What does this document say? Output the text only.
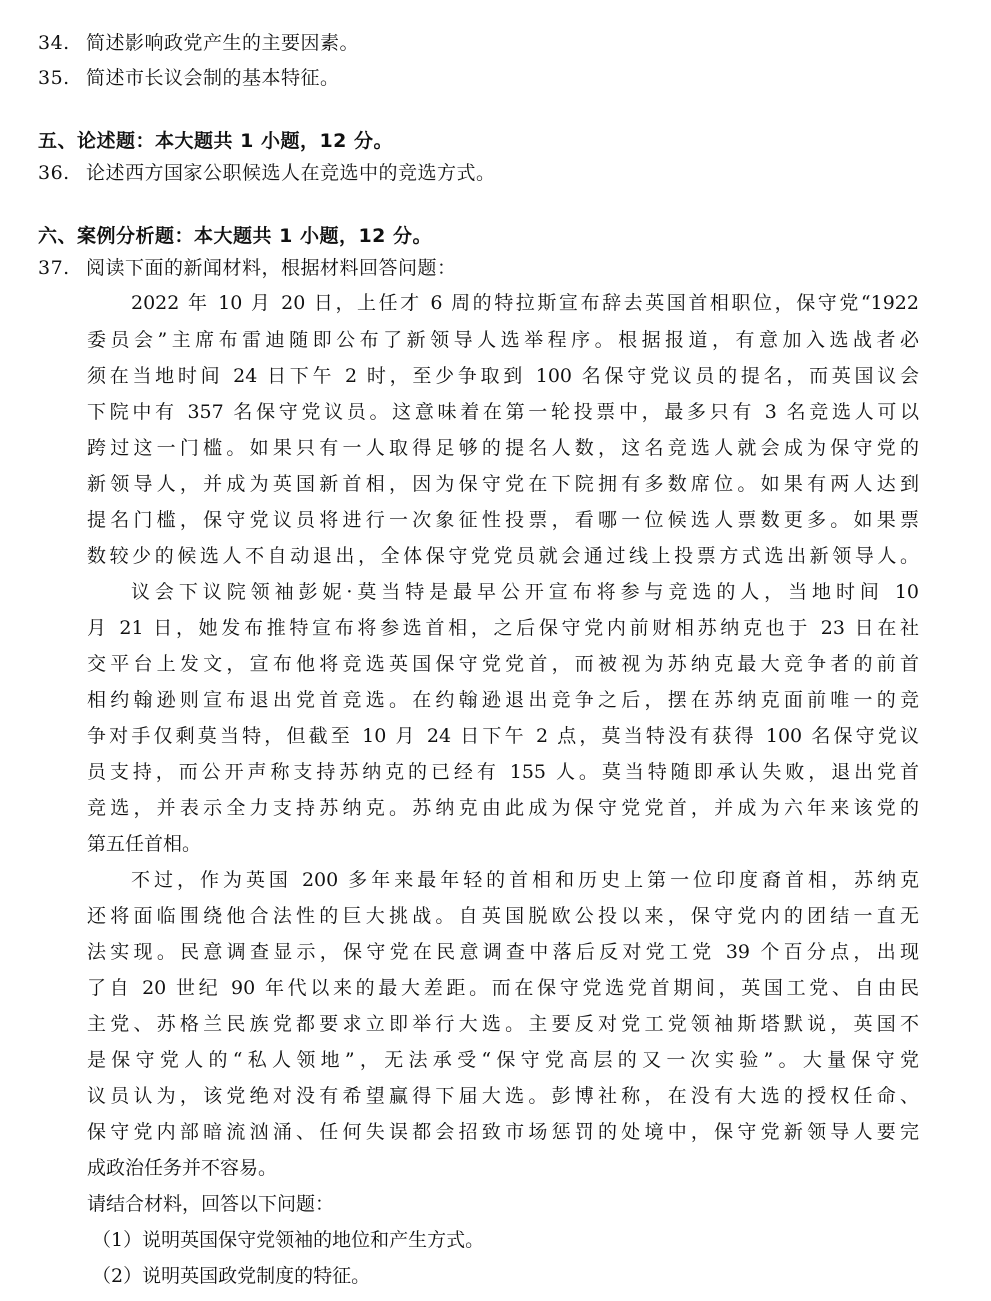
34. 简述影响政党产生的主要因素。
35. 简述市长议会制的基本特征。
五、论述题：本大题共 1 小题，12 分。
36. 论述西方国家公职候选人在竞选中的竞选方式。
六、案例分析题：本大题共 1 小题，12 分。
37. 阅读下面的新闻材料，根据材料回答问题：
2022 年 10 月 20 日，上任才 6 周的特拉斯宣布辞去英国首相职位，保守党“1922
委员会”主席布雷迪随即公布了新领导人选举程序。根据报道，有意加入选战者必
须在当地时间 24 日下午 2 时，至少争取到 100 名保守党议员的提名，而英国议会
下院中有 357 名保守党议员。这意味着在第一轮投票中，最多只有 3 名竞选人可以
跨过这一门槛。如果只有一人取得足够的提名人数，这名竞选人就会成为保守党的
新领导人，并成为英国新首相，因为保守党在下院拥有多数席位。如果有两人达到
提名门槛，保守党议员将进行一次象征性投票，看哪一位候选人票数更多。如果票
数较少的候选人不自动退出，全体保守党党员就会通过线上投票方式选出新领导人。
议会下议院领袖彭妮·莫当特是最早公开宣布将参与竞选的人，当地时间 10
月 21 日，她发布推特宣布将参选首相，之后保守党内前财相苏纳克也于 23 日在社
交平台上发文，宣布他将竞选英国保守党党首，而被视为苏纳克最大竞争者的前首
相约翰逊则宣布退出党首竞选。在约翰逊退出竞争之后，摆在苏纳克面前唯一的竞
争对手仅剩莫当特，但截至 10 月 24 日下午 2 点，莫当特没有获得 100 名保守党议
员支持，而公开声称支持苏纳克的已经有 155 人。莫当特随即承认失败，退出党首
竞选，并表示全力支持苏纳克。苏纳克由此成为保守党党首，并成为六年来该党的
第五任首相。
不过，作为英国 200 多年来最年轻的首相和历史上第一位印度裔首相，苏纳克
还将面临围绕他合法性的巨大挑战。自英国脱欧公投以来，保守党内的团结一直无
法实现。民意调查显示，保守党在民意调查中落后反对党工党 39 个百分点，出现
了自 20 世纪 90 年代以来的最大差距。而在保守党选党首期间，英国工党、自由民
主党、苏格兰民族党都要求立即举行大选。主要反对党工党领袖斯塔默说，英国不
是保守党人的“私人领地”，无法承受“保守党高层的又一次实验”。大量保守党
议员认为，该党绝对没有希望赢得下届大选。彭博社称，在没有大选的授权任命、
保守党内部暗流汹涌、任何失误都会招致市场惩罚的处境中，保守党新领导人要完
成政治任务并不容易。
请结合材料，回答以下问题：
（1）说明英国保守党领袖的地位和产生方式。
（2）说明英国政党制度的特征。
